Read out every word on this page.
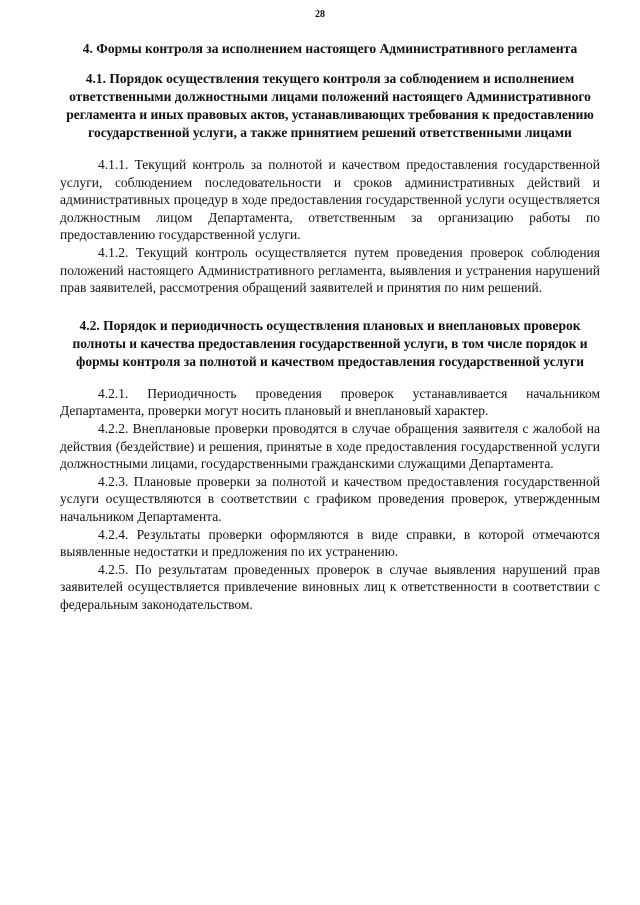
28
4. Формы контроля за исполнением настоящего Административного регламента
4.1. Порядок осуществления текущего контроля за соблюдением и исполнением ответственными должностными лицами положений настоящего Административного регламента и иных правовых актов, устанавливающих требования к предоставлению государственной услуги, а также принятием решений ответственными лицами

4.1.1. Текущий контроль за полнотой и качеством предоставления государственной услуги, соблюдением последовательности и сроков административных действий и административных процедур в ходе предоставления государственной услуги осуществляется должностным лицом Департамента, ответственным за организацию работы по предоставлению государственной услуги.

4.1.2. Текущий контроль осуществляется путем проведения проверок соблюдения положений настоящего Административного регламента, выявления и устранения нарушений прав заявителей, рассмотрения обращений заявителей и принятия по ним решений.

4.2. Порядок и периодичность осуществления плановых и внеплановых проверок полноты и качества предоставления государственной услуги, в том числе порядок и формы контроля за полнотой и качеством предоставления государственной услуги

4.2.1. Периодичность проведения проверок устанавливается начальником Департамента, проверки могут носить плановый и внеплановый характер.

4.2.2. Внеплановые проверки проводятся в случае обращения заявителя с жалобой на действия (бездействие) и решения, принятые в ходе предоставления государственной услуги должностными лицами, государственными гражданскими служащими Департамента.

4.2.3. Плановые проверки за полнотой и качеством предоставления государственной услуги осуществляются в соответствии с графиком проведения проверок, утвержденным начальником Департамента.

4.2.4. Результаты проверки оформляются в виде справки, в которой отмечаются выявленные недостатки и предложения по их устранению.

4.2.5. По результатам проведенных проверок в случае выявления нарушений прав заявителей осуществляется привлечение виновных лиц к ответственности в соответствии с федеральным законодательством.
